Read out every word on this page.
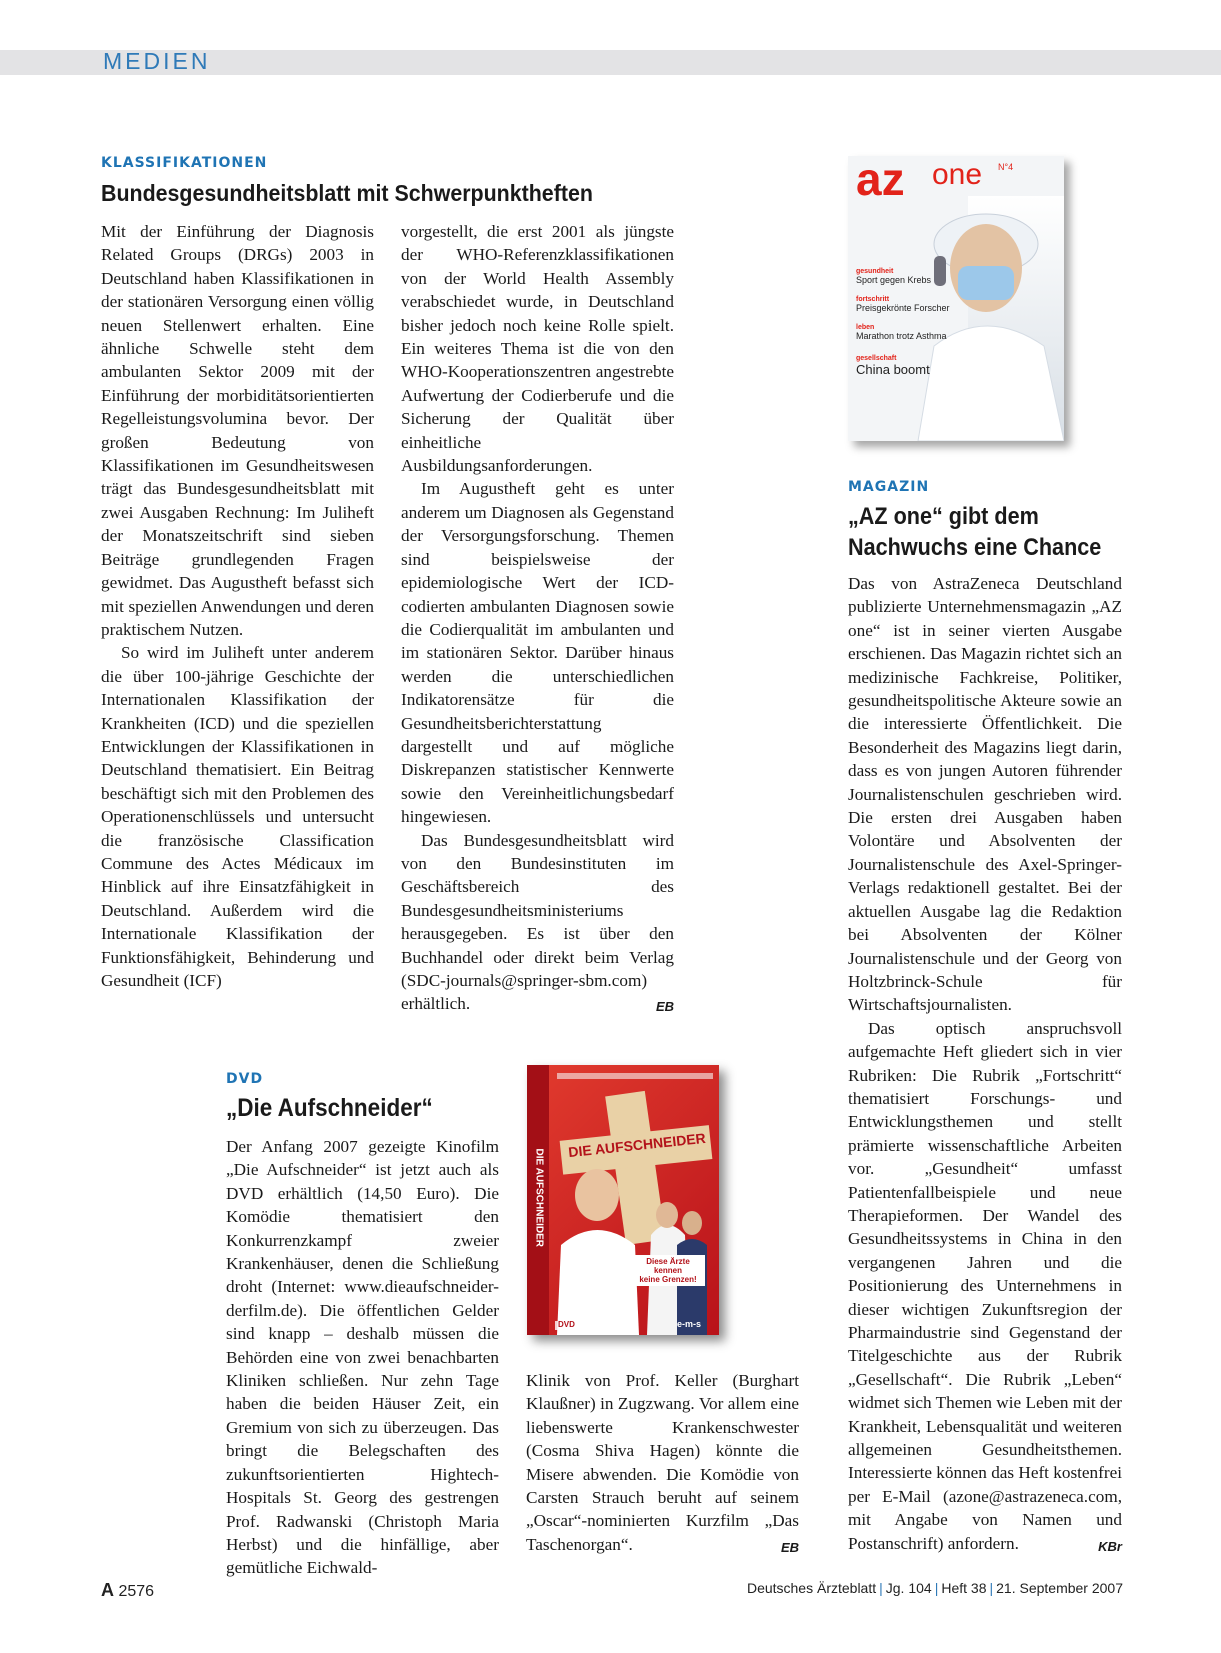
MEDIEN
KLASSIFIKATIONEN
Bundesgesundheitsblatt mit Schwerpunktheften

Mit der Einführung der Diagnosis Related Groups (DRGs) 2003 in Deutschland haben Klassifikationen in der stationären Versorgung einen völlig neuen Stellenwert erhalten. Eine ähnliche Schwelle steht dem ambulanten Sektor 2009 mit der Einführung der morbiditätsorientierten Regelleistungsvolumina bevor. Der großen Bedeutung von Klassifikationen im Gesundheitswesen trägt das Bundesgesundheitsblatt mit zwei Ausgaben Rechnung: Im Juliheft der Monatszeitschrift sind sieben Beiträge grundlegenden Fragen gewidmet. Das Augustheft befasst sich mit speziellen Anwendungen und deren praktischem Nutzen.

So wird im Juliheft unter anderem die über 100-jährige Geschichte der Internationalen Klassifikation der Krankheiten (ICD) und die speziellen Entwicklungen der Klassifikationen in Deutschland thematisiert. Ein Beitrag beschäftigt sich mit den Problemen des Operationenschlüssels und untersucht die französische Classification Commune des Actes Médicaux im Hinblick auf ihre Einsatzfähigkeit in Deutschland. Außerdem wird die Internationale Klassifikation der Funktionsfähigkeit, Behinderung und Gesundheit (ICF)

vorgestellt, die erst 2001 als jüngste der WHO-Referenzklassifikationen von der World Health Assembly verabschiedet wurde, in Deutschland bisher jedoch noch keine Rolle spielt. Ein weiteres Thema ist die von den WHO-Kooperationszentren angestrebte Aufwertung der Codierberufe und die Sicherung der Qualität über einheitliche Ausbildungsanforderungen.

Im Augustheft geht es unter anderem um Diagnosen als Gegenstand der Versorgungsforschung. Themen sind beispielsweise der epidemiologische Wert der ICD-codierten ambulanten Diagnosen sowie die Codierqualität im ambulanten und im stationären Sektor. Darüber hinaus werden die unterschiedlichen Indikatorensätze für die Gesundheitsberichterstattung dargestellt und auf mögliche Diskrepanzen statistischer Kennwerte sowie den Vereinheitlichungsbedarf hingewiesen.

Das Bundesgesundheitsblatt wird von den Bundesinstituten im Geschäftsbereich des Bundesgesundheitsministeriums herausgegeben. Es ist über den Buchhandel oder direkt beim Verlag (SDC-journals@springer-sbm.com) erhältlich.	EB

az one N°4
gesundheit
Sport gegen Krebs
fortschritt
Preisgekrönte Forscher
leben
Marathon trotz Asthma
gesellschaft
China boomt
MAGAZIN
„AZ one“ gibt dem
Nachwuchs eine Chance

Das von AstraZeneca Deutschland publizierte Unternehmensmagazin „AZ one“ ist in seiner vierten Ausgabe erschienen. Das Magazin richtet sich an medizinische Fachkreise, Politiker, gesundheitspolitische Akteure sowie an die interessierte Öffentlichkeit. Die Besonderheit des Magazins liegt darin, dass es von jungen Autoren führender Journalistenschulen geschrieben wird. Die ersten drei Ausgaben haben Volontäre und Absolventen der Journalistenschule des Axel-Springer-Verlags redaktionell gestaltet. Bei der aktuellen Ausgabe lag die Redaktion bei Absolventen der Kölner Journalistenschule und der Georg von Holtzbrinck-Schule für Wirtschaftsjournalisten.

Das optisch anspruchsvoll aufgemachte Heft gliedert sich in vier Rubriken: Die Rubrik „Fortschritt“ thematisiert Forschungs- und Entwicklungsthemen und stellt prämierte wissenschaftliche Arbeiten vor. „Gesundheit“ umfasst Patientenfallbeispiele und neue Therapieformen. Der Wandel des Gesundheitssystems in China in den vergangenen Jahren und die Positionierung des Unternehmens in dieser wichtigen Zukunftsregion der Pharmaindustrie sind Gegenstand der Titelgeschichte aus der Rubrik „Gesellschaft“. Die Rubrik „Leben“ widmet sich Themen wie Leben mit der Krankheit, Lebensqualität und weiteren allgemeinen Gesundheitsthemen. Interessierte können das Heft kostenfrei per E-Mail (azone@astrazeneca.com, mit Angabe von Namen und Postanschrift) anfordern.	KBr

DVD
„Die Aufschneider“

Der Anfang 2007 gezeigte Kinofilm „Die Aufschneider“ ist jetzt auch als DVD erhältlich (14,50 Euro). Die Komödie thematisiert den Konkurrenzkampf zweier Krankenhäuser, denen die Schließung droht (Internet: www.dieaufschneider-derfilm.de). Die öffentlichen Gelder sind knapp – deshalb müssen die Behörden eine von zwei benachbarten Kliniken schließen. Nur zehn Tage haben die beiden Häuser Zeit, ein Gremium von sich zu überzeugen. Das bringt die Belegschaften des zukunftsorientierten Hightech-Hospitals St. Georg des gestrengen Prof. Radwanski (Christoph Maria Herbst) und die hinfällige, aber gemütliche Eichwald-

Klinik von Prof. Keller (Burghart Klaußner) in Zugzwang. Vor allem eine liebenswerte Krankenschwester (Cosma Shiva Hagen) könnte die Misere abwenden. Die Komödie von Carsten Strauch beruht auf seinem „Oscar“-nominierten Kurzfilm „Das Taschenorgan“.	EB

DIE AUFSCHNEIDER
DIE AUFSCHNEIDER
Diese Ärzte kennen
keine Grenzen!
DVD	e-m-s
A 2576	Deutsches Ärzteblatt | Jg. 104 | Heft 38 | 21. September 2007
